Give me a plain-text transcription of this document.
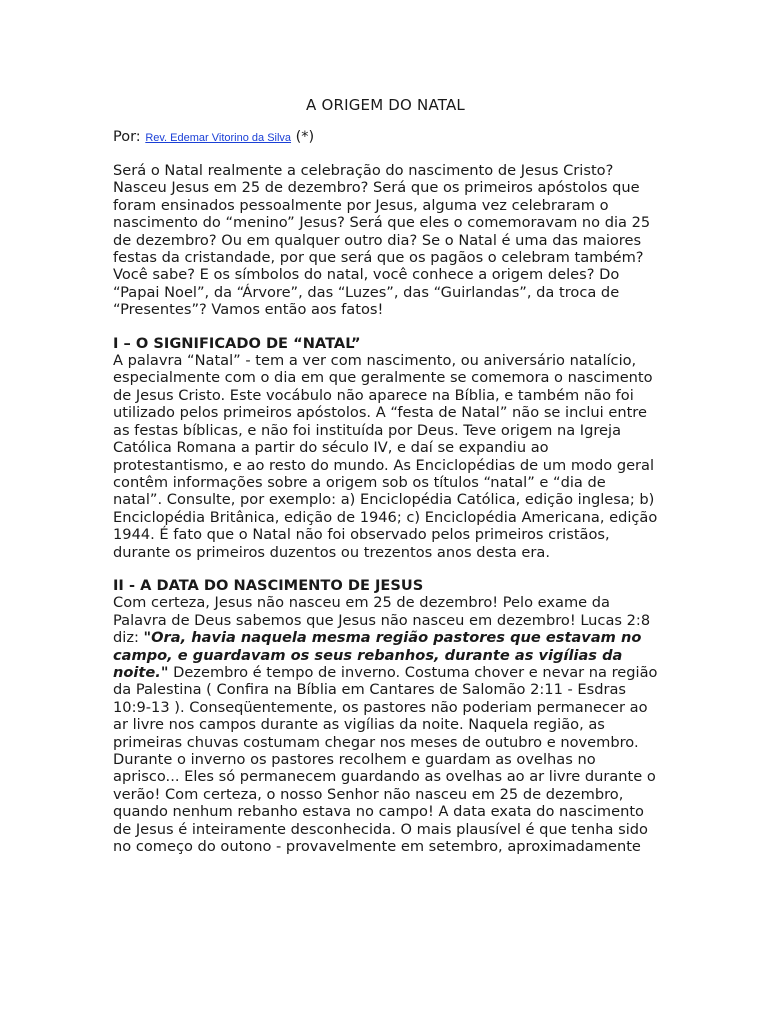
A ORIGEM DO NATAL
Por: Rev. Edemar Vitorino da Silva (*)

Será o Natal realmente a celebração do nascimento de Jesus Cristo? Nasceu Jesus em 25 de dezembro? Será que os primeiros apóstolos que foram ensinados pessoalmente por Jesus, alguma vez celebraram o nascimento do “menino” Jesus? Será que eles o comemoravam no dia 25 de dezembro? Ou em qualquer outro dia? Se o Natal é uma das maiores festas da cristandade, por que será que os pagãos o celebram também? Você sabe? E os símbolos do natal, você conhece a origem deles? Do “Papai Noel”, da “Árvore”, das “Luzes”, das “Guirlandas”, da troca de “Presentes”? Vamos então aos fatos!

I – O SIGNIFICADO DE “NATAL”

A palavra “Natal” - tem a ver com nascimento, ou aniversário natalício, especialmente com o dia em que geralmente se comemora o nascimento de Jesus Cristo. Este vocábulo não aparece na Bíblia, e também não foi utilizado pelos primeiros apóstolos. A “festa de Natal” não se inclui entre as festas bíblicas, e não foi instituída por Deus. Teve origem na Igreja Católica Romana a partir do século IV, e daí se expandiu ao protestantismo, e ao resto do mundo. As Enciclopédias de um modo geral contêm informações sobre a origem sob os títulos “natal” e “dia de natal”. Consulte, por exemplo: a) Enciclopédia Católica, edição inglesa; b) Enciclopédia Britânica, edição de 1946; c) Enciclopédia Americana, edição 1944. É fato que o Natal não foi observado pelos primeiros cristãos, durante os primeiros duzentos ou trezentos anos desta era.

II - A DATA DO NASCIMENTO DE JESUS

Com certeza, Jesus não nasceu em 25 de dezembro! Pelo exame da Palavra de Deus sabemos que Jesus não nasceu em dezembro! Lucas 2:8 diz: "Ora, havia naquela mesma região pastores que estavam no campo, e guardavam os seus rebanhos, durante as vigílias da noite." Dezembro é tempo de inverno. Costuma chover e nevar na região da Palestina ( Confira na Bíblia em Cantares de Salomão 2:11 - Esdras 10:9-13 ). Conseqüentemente, os pastores não poderiam permanecer ao ar livre nos campos durante as vigílias da noite. Naquela região, as primeiras chuvas costumam chegar nos meses de outubro e novembro. Durante o inverno os pastores recolhem e guardam as ovelhas no aprisco... Eles só permanecem guardando as ovelhas ao ar livre durante o verão! Com certeza, o nosso Senhor não nasceu em 25 de dezembro, quando nenhum rebanho estava no campo! A data exata do nascimento de Jesus é inteiramente desconhecida. O mais plausível é que tenha sido no começo do outono - provavelmente em setembro, aproximadamente
